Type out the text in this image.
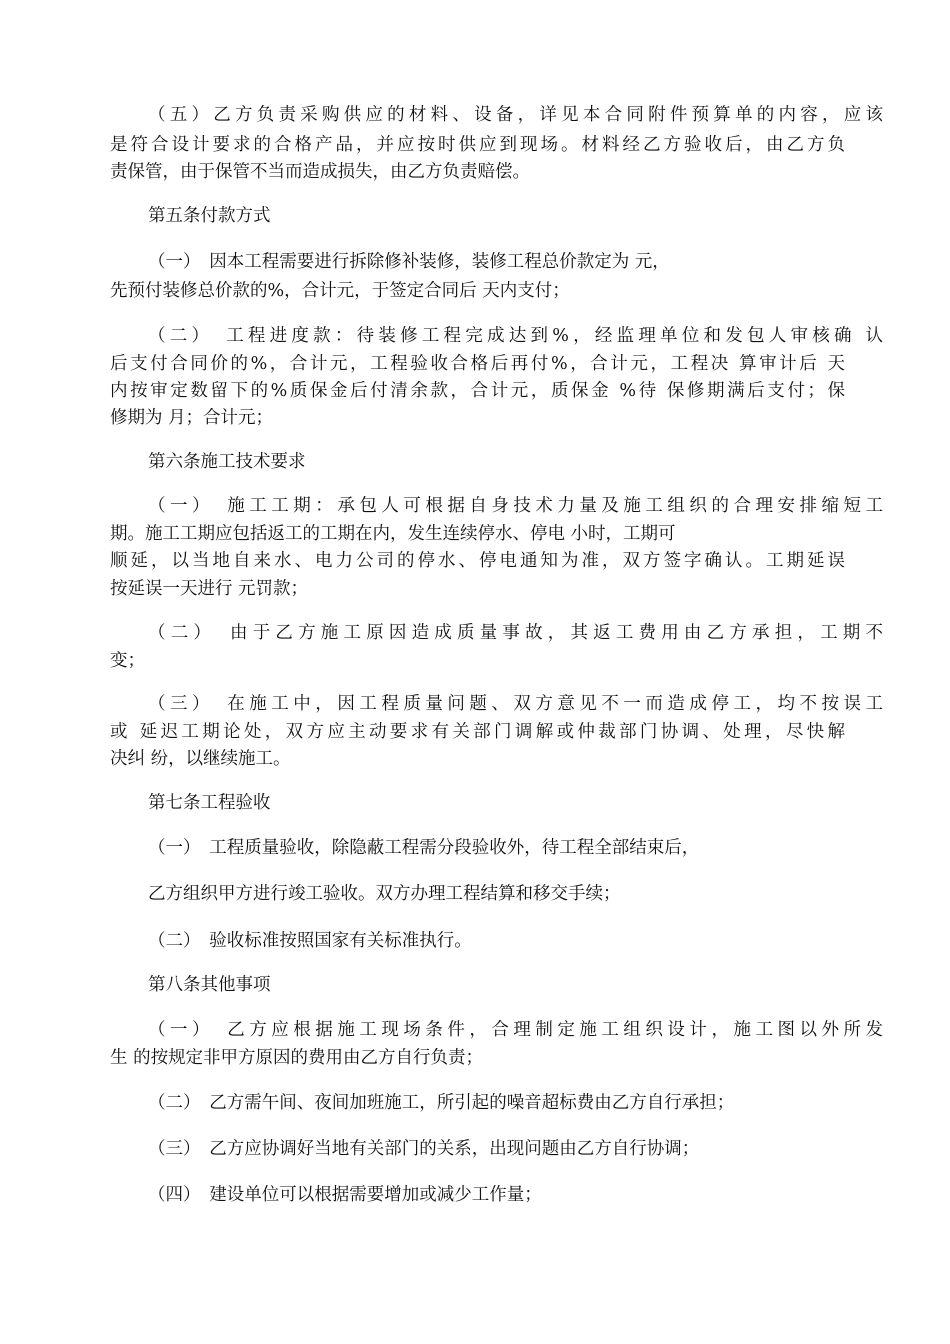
（五）乙方负责采购供应的材料、设备，详见本合同附件预算单的内容，应该
是符合设计要求的合格产品，并应按时供应到现场。材料经乙方验收后，由乙方负
责保管，由于保管不当而造成损失，由乙方负责赔偿。
第五条付款方式
（一）　因本工程需要进行拆除修补装修，装修工程总价款定为 元，
先预付装修总价款的%，合计元，于签定合同后 天内支付；
（二）　工程进度款：待装修工程完成达到%，经监理单位和发包人审核确 认
后支付合同价的%，合计元，工程验收合格后再付%，合计元，工程决 算审计后 天
内按审定数留下的%质保金后付清余款，合计元，质保金 %待 保修期满后支付；保
修期为 月；合计元；
第六条施工技术要求
（一）　施工工期：承包人可根据自身技术力量及施工组织的合理安排缩短工
期。施工工期应包括返工的工期在内，发生连续停水、停电 小时，工期可
顺延，以当地自来水、电力公司的停水、停电通知为准，双方签字确认。工期延误
按延误一天进行 元罚款；
（二）　由于乙方施工原因造成质量事故，其返工费用由乙方承担，工期不
变；
（三）　在施工中，因工程质量问题、双方意见不一而造成停工，均不按误工
或 延迟工期论处，双方应主动要求有关部门调解或仲裁部门协调、处理，尽快解
决纠 纷，以继续施工。
第七条工程验收
（一）　工程质量验收，除隐蔽工程需分段验收外，待工程全部结束后，
乙方组织甲方进行竣工验收。双方办理工程结算和移交手续；
（二）　验收标准按照国家有关标准执行。
第八条其他事项
（一）　乙方应根据施工现场条件，合理制定施工组织设计，施工图以外所发
生 的按规定非甲方原因的费用由乙方自行负责；
（二）　乙方需午间、夜间加班施工，所引起的噪音超标费由乙方自行承担；
（三）　乙方应协调好当地有关部门的关系，出现问题由乙方自行协调；
（四）　建设单位可以根据需要增加或减少工作量；
